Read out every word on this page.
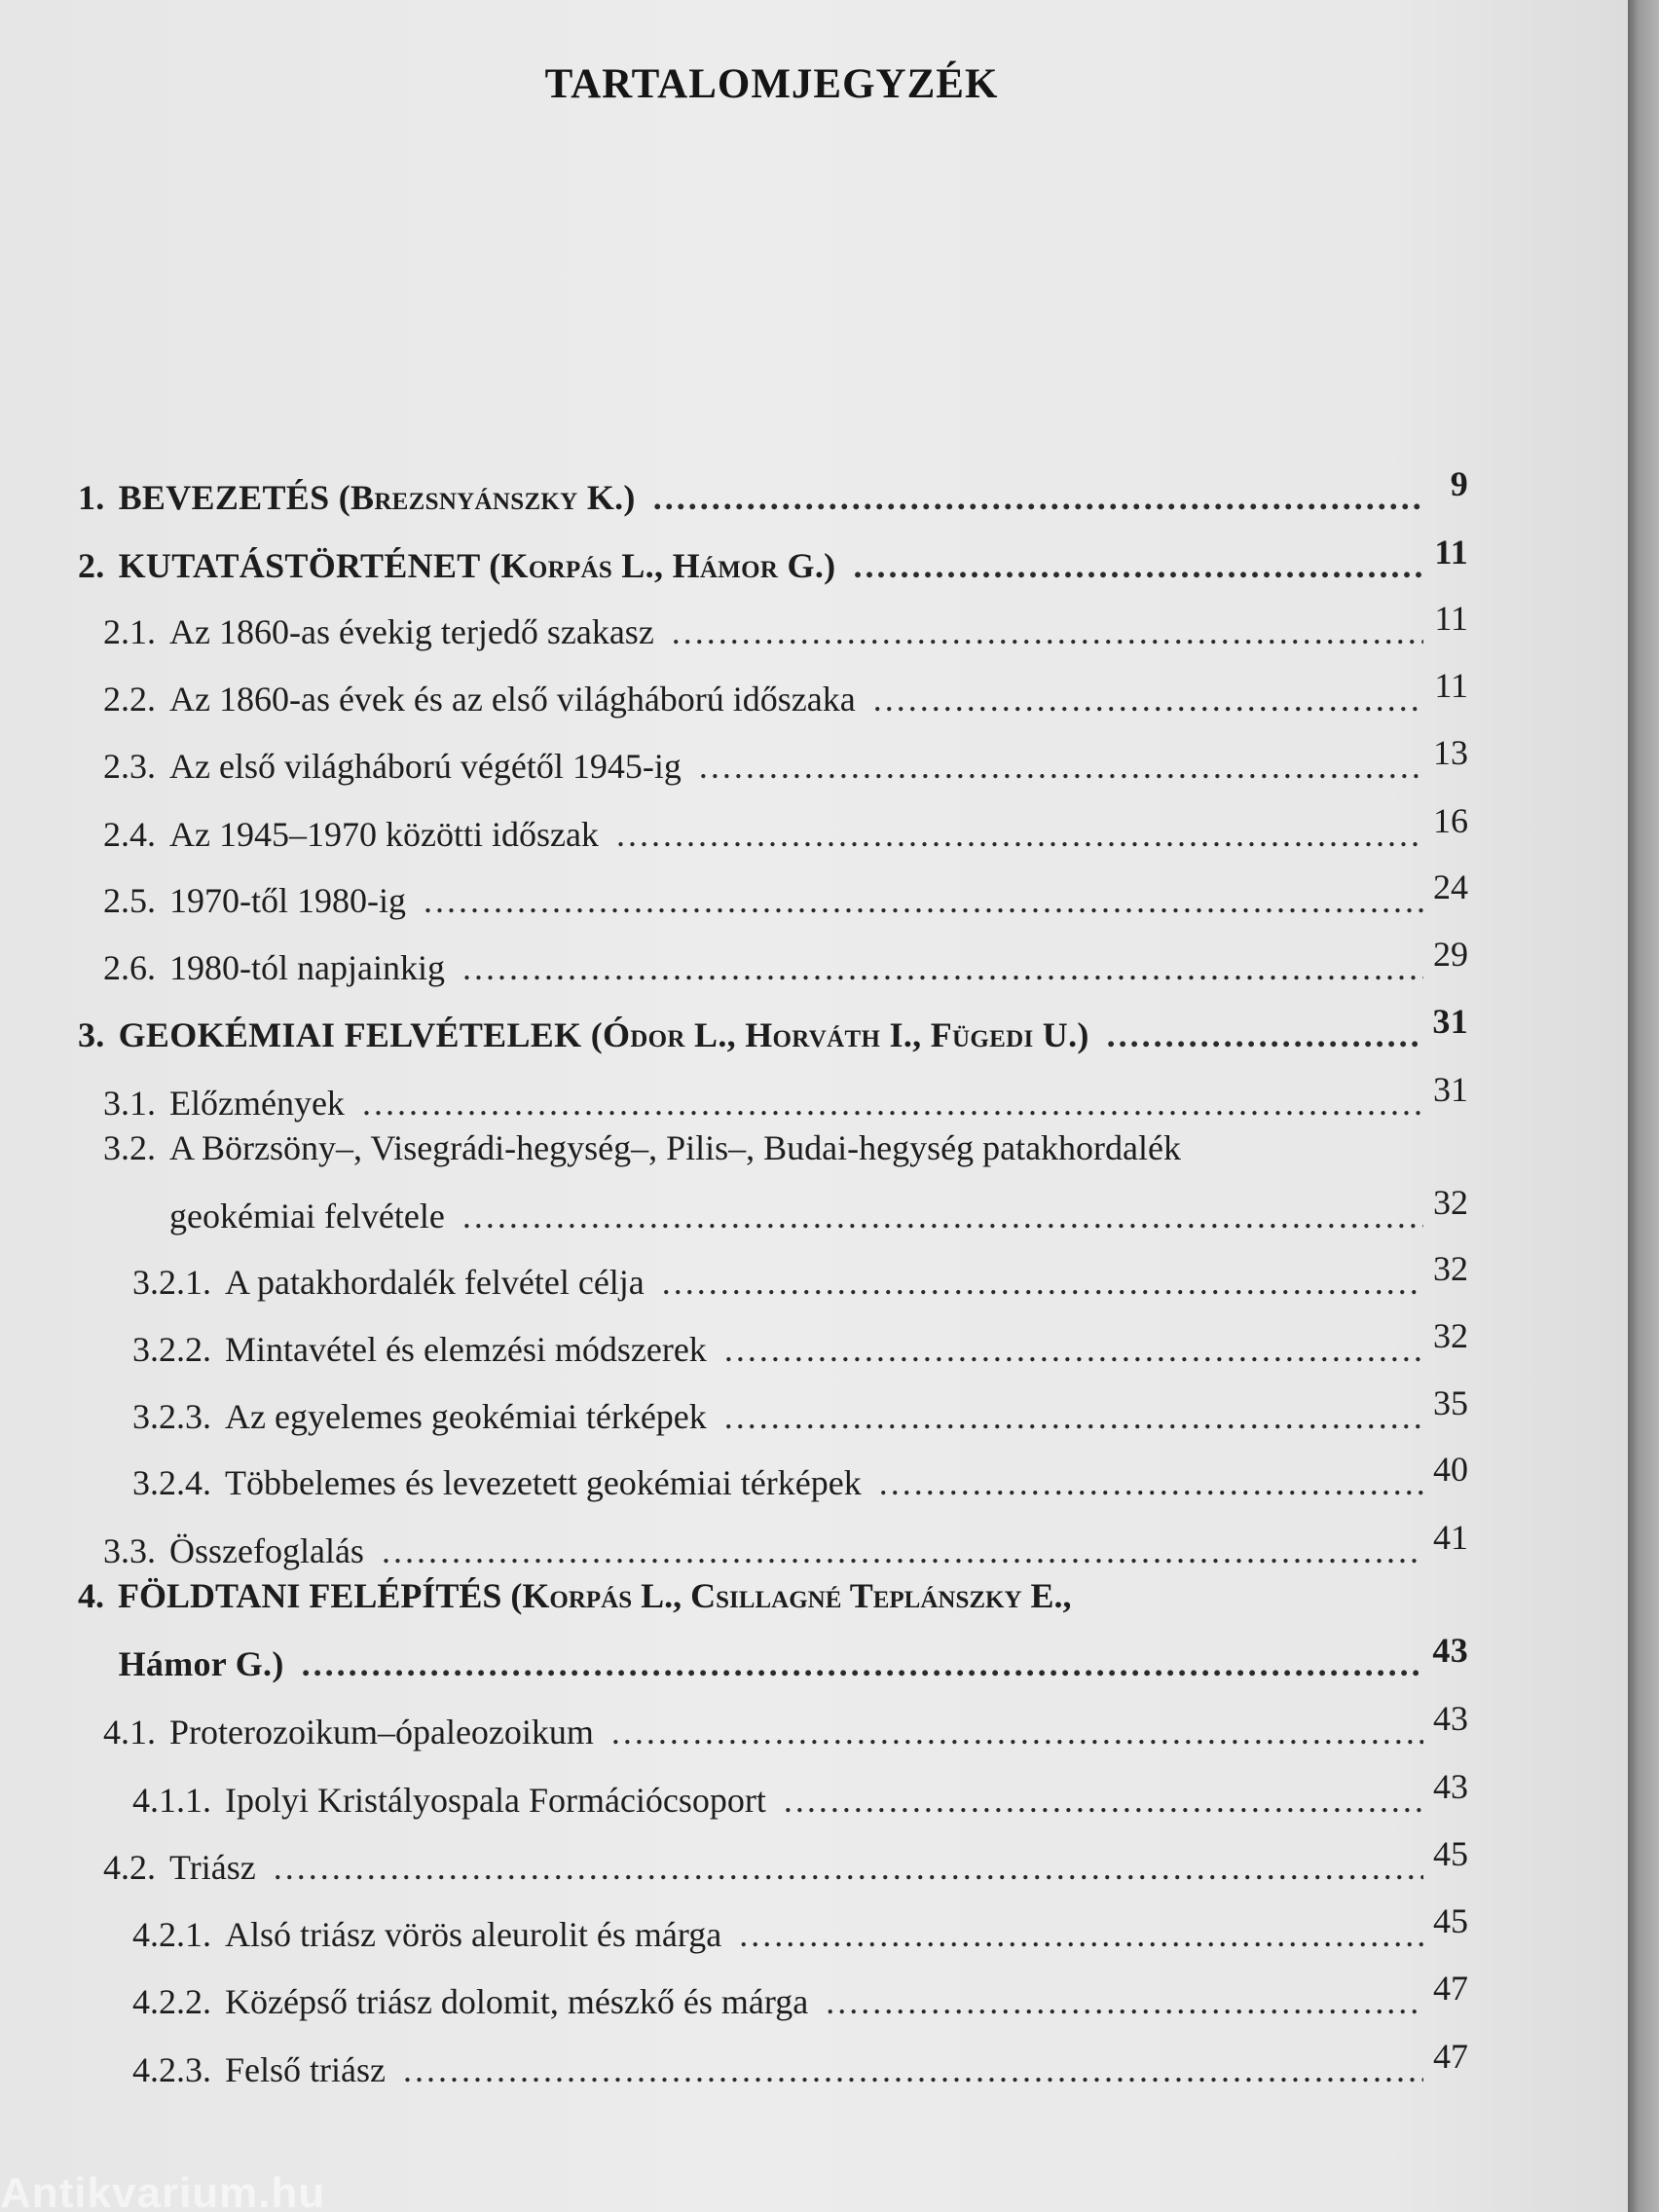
TARTALOMJEGYZÉK
1. BEVEZETÉS (Brezsnyánszky K.) .....	9
2. KUTATÁSTÖRTÉNET (Korpás L., Hámor G.) .....	11
2.1. Az 1860-as évekig terjedő szakasz .....	11
2.2. Az 1860-as évek és az első világháború időszaka .....	11
2.3. Az első világháború végétől 1945-ig .....	13
2.4. Az 1945–1970 közötti időszak .....	16
2.5. 1970-től 1980-ig .....	24
2.6. 1980-tól napjainkig .....	29
3. GEOKÉMIAI FELVÉTELEK (Ódor L., Horváth I., Fügedi U.) .....	31
3.1. Előzmények .....	31
3.2. A Börzsöny–, Visegrádi-hegység–, Pilis–, Budai-hegység patakhordalék
geokémiai felvétele .....	32
3.2.1. A patakhordalék felvétel célja .....	32
3.2.2. Mintavétel és elemzési módszerek .....	32
3.2.3. Az egyelemes geokémiai térképek .....	35
3.2.4. Többelemes és levezetett geokémiai térképek .....	40
3.3. Összefoglalás .....	41
4. FÖLDTANI FELÉPÍTÉS (Korpás L., Csillagné Teplánszky E.,
Hámor G.) .....	43
4.1. Proterozoikum–ópaleozoikum .....	43
4.1.1. Ipolyi Kristályospala Formációcsoport .....	43
4.2. Triász .....	45
4.2.1. Alsó triász vörös aleurolit és márga .....	45
4.2.2. Középső triász dolomit, mészkő és márga .....	47
4.2.3. Felső triász .....	47
Antikvarium.hu
